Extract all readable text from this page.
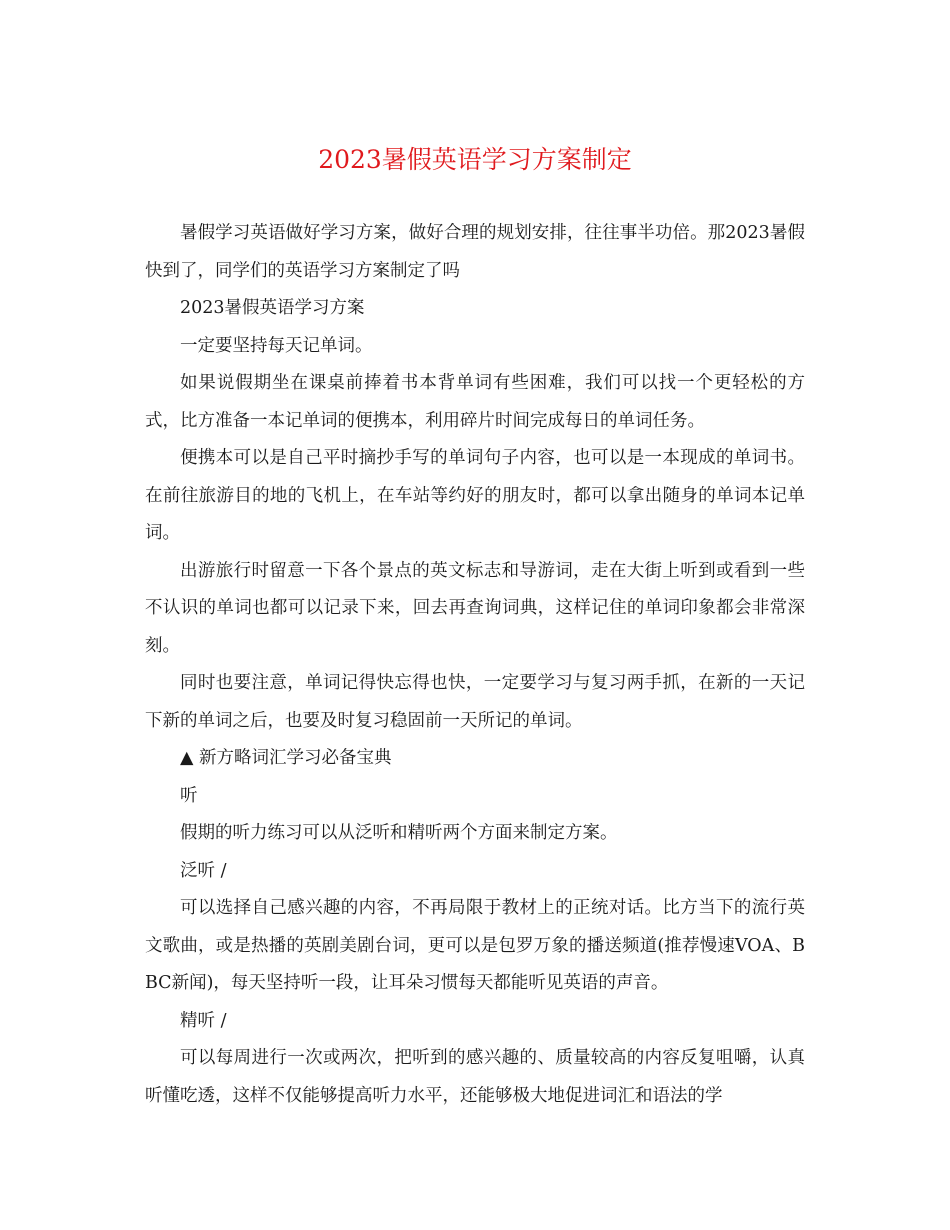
2023暑假英语学习方案制定

暑假学习英语做好学习方案，做好合理的规划安排，往往事半功倍。那2023暑假快到了，同学们的英语学习方案制定了吗

2023暑假英语学习方案

一定要坚持每天记单词。

如果说假期坐在课桌前捧着书本背单词有些困难，我们可以找一个更轻松的方式，比方准备一本记单词的便携本，利用碎片时间完成每日的单词任务。

便携本可以是自己平时摘抄手写的单词句子内容，也可以是一本现成的单词书。在前往旅游目的地的飞机上，在车站等约好的朋友时，都可以拿出随身的单词本记单词。

出游旅行时留意一下各个景点的英文标志和导游词，走在大街上听到或看到一些不认识的单词也都可以记录下来，回去再查询词典，这样记住的单词印象都会非常深刻。

同时也要注意，单词记得快忘得也快，一定要学习与复习两手抓，在新的一天记下新的单词之后，也要及时复习稳固前一天所记的单词。

▲ 新方略词汇学习必备宝典

听

假期的听力练习可以从泛听和精听两个方面来制定方案。

泛听 /

可以选择自己感兴趣的内容，不再局限于教材上的正统对话。比方当下的流行英文歌曲，或是热播的英剧美剧台词，更可以是包罗万象的播送频道(推荐慢速VOA、BBC新闻)，每天坚持听一段，让耳朵习惯每天都能听见英语的声音。

精听 /

可以每周进行一次或两次，把听到的感兴趣的、质量较高的内容反复咀嚼，认真听懂吃透，这样不仅能够提高听力水平，还能够极大地促进词汇和语法的学
